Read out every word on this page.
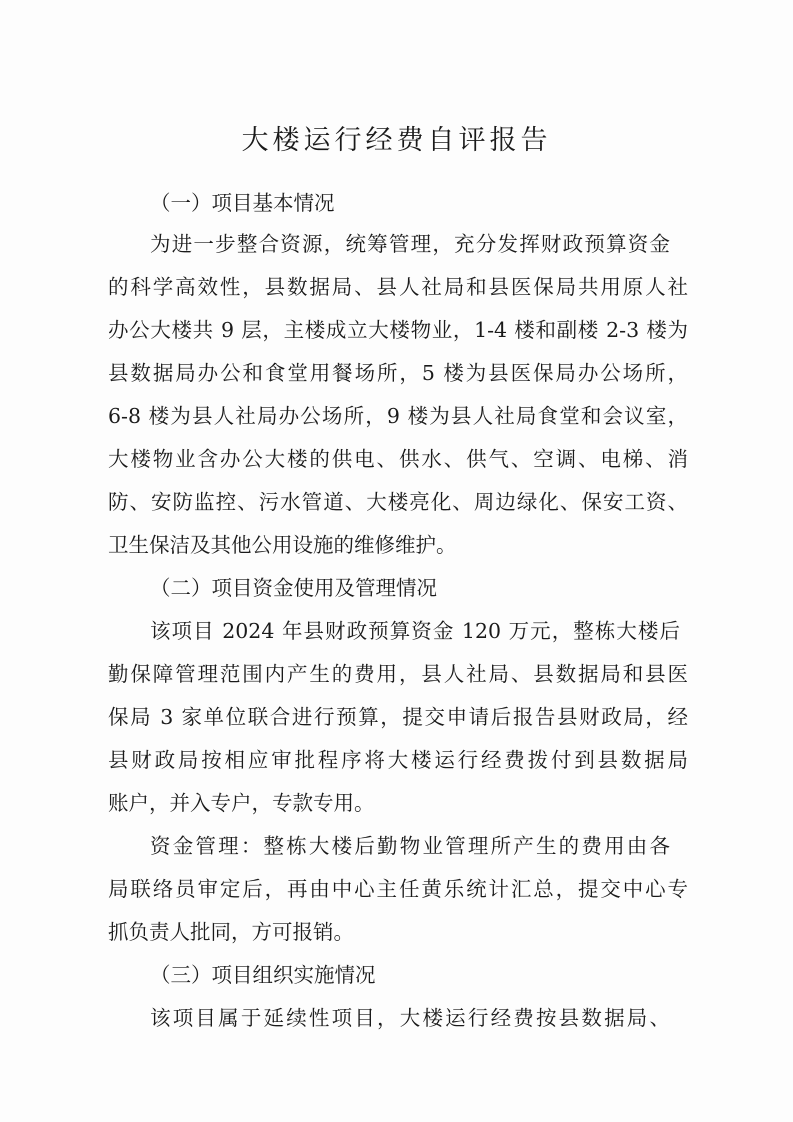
大楼运行经费自评报告
（一）项目基本情况
为进一步整合资源，统筹管理，充分发挥财政预算资金
的科学高效性，县数据局、县人社局和县医保局共用原人社
办公大楼共 9 层，主楼成立大楼物业，1-4 楼和副楼 2-3 楼为
县数据局办公和食堂用餐场所，5 楼为县医保局办公场所，
6-8 楼为县人社局办公场所，9 楼为县人社局食堂和会议室，
大楼物业含办公大楼的供电、供水、供气、空调、电梯、消
防、安防监控、污水管道、大楼亮化、周边绿化、保安工资、
卫生保洁及其他公用设施的维修维护。
（二）项目资金使用及管理情况
该项目 2024 年县财政预算资金 120 万元，整栋大楼后
勤保障管理范围内产生的费用，县人社局、县数据局和县医
保局 3 家单位联合进行预算，提交申请后报告县财政局，经
县财政局按相应审批程序将大楼运行经费拨付到县数据局
账户，并入专户，专款专用。
资金管理：整栋大楼后勤物业管理所产生的费用由各
局联络员审定后，再由中心主任黄乐统计汇总，提交中心专
抓负责人批同，方可报销。
（三）项目组织实施情况
该项目属于延续性项目，大楼运行经费按县数据局、
